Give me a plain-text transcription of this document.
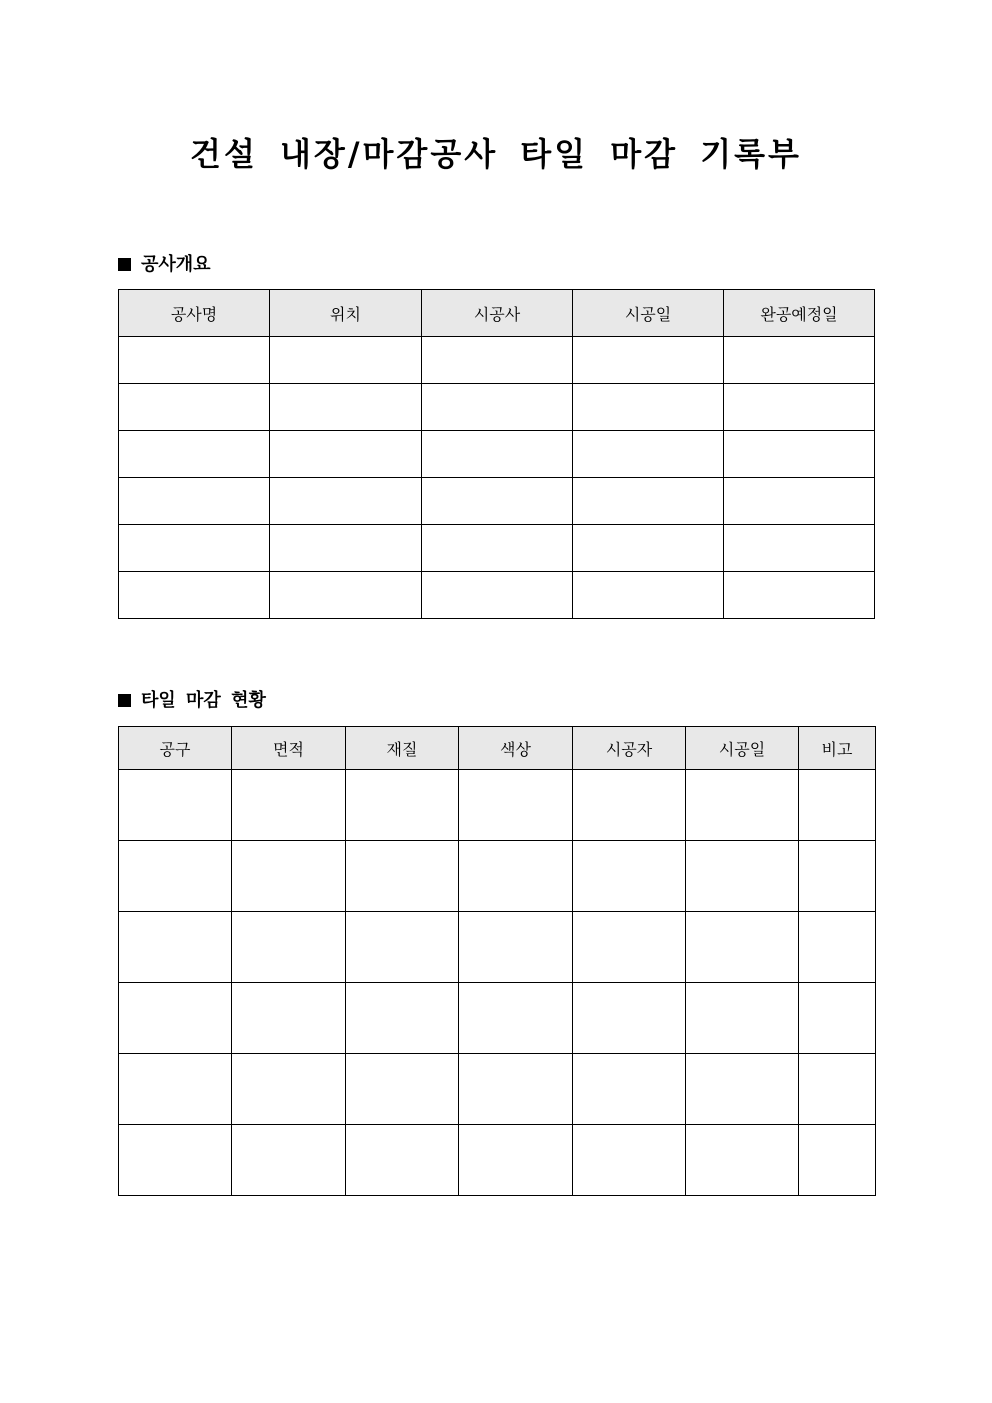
건설 내장/마감공사 타일 마감 기록부
공사개요
공사명	위치	시공사	시공일	완공예정일

타일 마감 현황
공구	면적	재질	색상	시공자	시공일	비고
